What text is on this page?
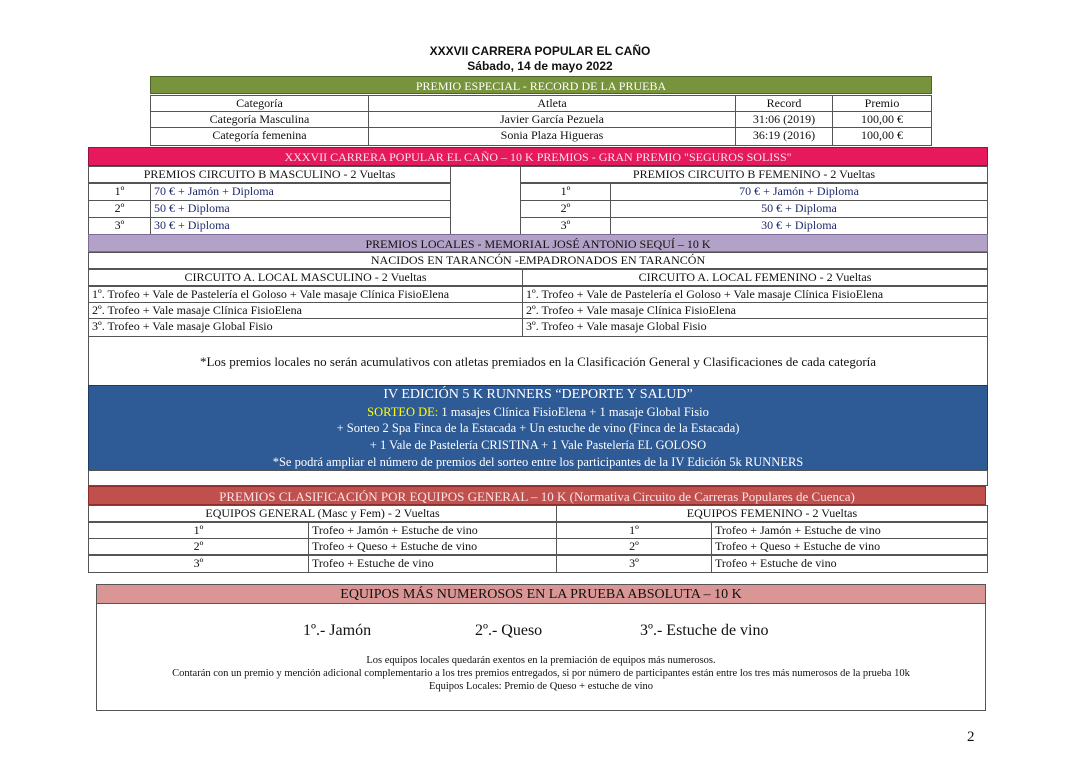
XXXVII CARRERA POPULAR EL CAÑO
Sábado, 14 de mayo 2022
PREMIO ESPECIAL - RECORD DE LA PRUEBA
Categoría	Atleta	Record	Premio
Categoría Masculina	Javier García Pezuela	31:06 (2019)	100,00 €
Categoría femenina	Sonia Plaza Higueras	36:19 (2016)	100,00 €
XXXVII CARRERA POPULAR EL CAÑO – 10 K PREMIOS - GRAN PREMIO "SEGUROS SOLISS"
PREMIOS CIRCUITO B MASCULINO - 2 Vueltas	PREMIOS CIRCUITO B FEMENINO - 2 Vueltas
1º	70 € + Jamón + Diploma
2º	50 € + Diploma
3º	30 € + Diploma
1º	70 € + Jamón + Diploma
2º	50 € + Diploma
3º	30 € + Diploma
PREMIOS LOCALES - MEMORIAL JOSÉ ANTONIO SEQUÍ – 10 K
NACIDOS EN TARANCÓN -EMPADRONADOS EN TARANCÓN
CIRCUITO A. LOCAL MASCULINO - 2 Vueltas	CIRCUITO A. LOCAL FEMENINO - 2 Vueltas
1º. Trofeo + Vale de Pastelería el Goloso + Vale masaje Clínica FisioElena
2º. Trofeo + Vale masaje Clínica FisioElena
3º. Trofeo + Vale masaje Global Fisio
1º. Trofeo + Vale de Pastelería el Goloso + Vale masaje Clínica FisioElena
2º. Trofeo + Vale masaje Clínica FisioElena
3º. Trofeo + Vale masaje Global Fisio
*Los premios locales no serán acumulativos con atletas premiados en la Clasificación General y Clasificaciones de cada categoría
IV EDICIÓN 5 K RUNNERS “DEPORTE Y SALUD”
SORTEO DE: 1 masajes Clínica FisioElena + 1 masaje Global Fisio
+ Sorteo 2 Spa Finca de la Estacada + Un estuche de vino (Finca de la Estacada)
+ 1 Vale de Pastelería CRISTINA + 1 Vale Pastelería EL GOLOSO
*Se podrá ampliar el número de premios del sorteo entre los participantes de la IV Edición 5k RUNNERS
PREMIOS CLASIFICACIÓN POR EQUIPOS GENERAL – 10 K (Normativa Circuito de Carreras Populares de Cuenca)
EQUIPOS GENERAL (Masc y Fem) - 2 Vueltas	EQUIPOS FEMENINO - 2 Vueltas
1º	Trofeo + Jamón + Estuche de vino
2º	Trofeo + Queso + Estuche de vino
3º	Trofeo + Estuche de vino
1º	Trofeo + Jamón + Estuche de vino
2º	Trofeo + Queso + Estuche de vino
3º	Trofeo + Estuche de vino
EQUIPOS MÁS NUMEROSOS EN LA PRUEBA ABSOLUTA – 10 K
1º.- Jamón	2º.- Queso	3º.- Estuche de vino
Los equipos locales quedarán exentos en la premiación de equipos más numerosos.
Contarán con un premio y mención adicional complementario a los tres premios entregados, si por número de participantes están entre los tres más numerosos de la prueba 10k
Equipos Locales: Premio de Queso + estuche de vino
2
